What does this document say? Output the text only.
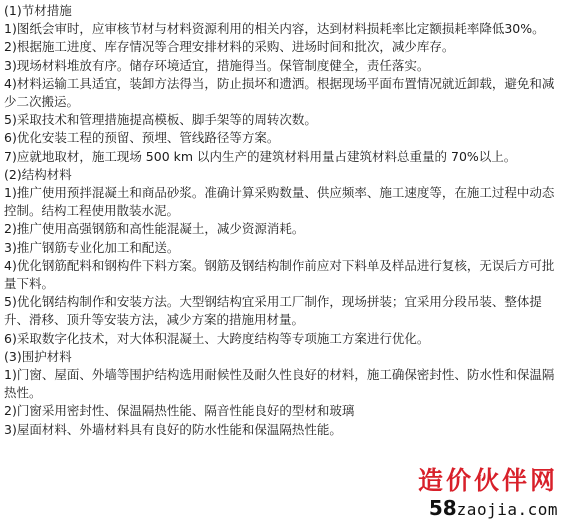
(1)节材措施

1)图纸会审时，应审核节材与材料资源利用的相关内容，达到材料损耗率比定额损耗率降低30%。

2)根据施工进度、库存情况等合理安排材料的采购、进场时间和批次，减少库存。

3)现场材料堆放有序。储存环境适宜，措施得当。保管制度健全，责任落实。

4)材料运输工具适宜，装卸方法得当，防止损坏和遗洒。根据现场平面布置情况就近卸载，避免和减少二次搬运。

5)采取技术和管理措施提高模板、脚手架等的周转次数。

6)优化安装工程的预留、预埋、管线路径等方案。

7)应就地取材，施工现场 500 km 以内生产的建筑材料用量占建筑材料总重量的 70%以上。

(2)结构材料

1)推广使用预拌混凝土和商品砂浆。准确计算采购数量、供应频率、施工速度等，在施工过程中动态控制。结构工程使用散装水泥。

2)推广使用高强钢筋和高性能混凝土，减少资源消耗。

3)推广钢筋专业化加工和配送。

4)优化钢筋配料和钢构件下料方案。钢筋及钢结构制作前应对下料单及样品进行复核，无误后方可批量下料。

5)优化钢结构制作和安装方法。大型钢结构宜采用工厂制作，现场拼装；宜采用分段吊装、整体提升、滑移、顶升等安装方法，减少方案的措施用材量。

6)采取数字化技术，对大体积混凝土、大跨度结构等专项施工方案进行优化。

(3)围护材料

1)门窗、屋面、外墙等围护结构选用耐候性及耐久性良好的材料，施工确保密封性、防水性和保温隔热性。

2)门窗采用密封性、保温隔热性能、隔音性能良好的型材和玻璃

3)屋面材料、外墙材料具有良好的防水性能和保温隔热性能。

造价伙伴网
58zaojia.com
